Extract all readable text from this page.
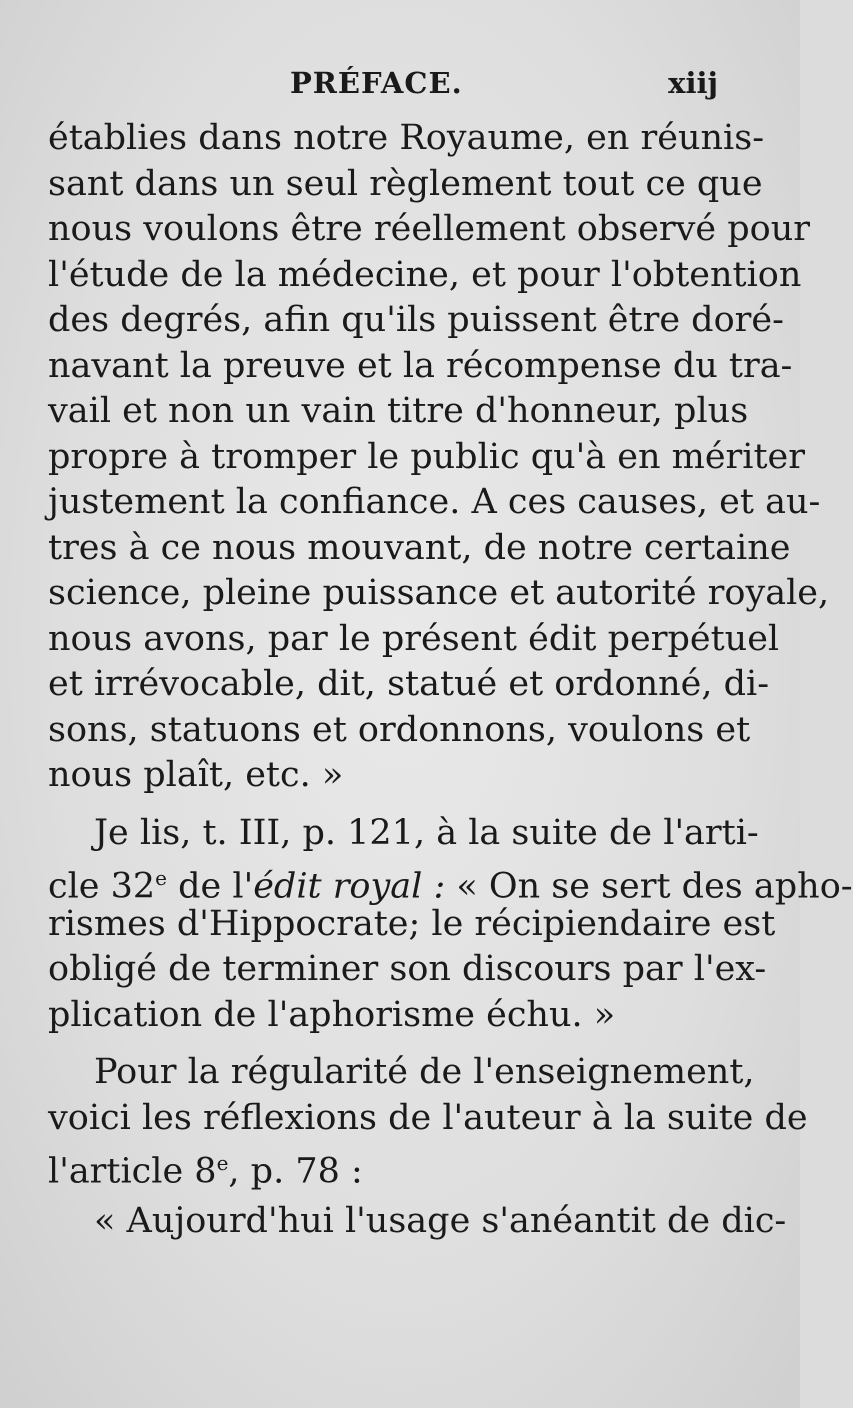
PRÉFACE.	xiij
établies dans notre Royaume, en réunis-
sant dans un seul règlement tout ce que
nous voulons être réellement observé pour
l'étude de la médecine, et pour l'obtention
des degrés, afin qu'ils puissent être doré-
navant la preuve et la récompense du tra-
vail et non un vain titre d'honneur, plus
propre à tromper le public qu'à en mériter
justement la confiance. A ces causes, et au-
tres à ce nous mouvant, de notre certaine
science, pleine puissance et autorité royale,
nous avons, par le présent édit perpétuel
et irrévocable, dit, statué et ordonné, di-
sons, statuons et ordonnons, voulons et
nous plaît, etc. »
Je lis, t. III, p. 121, à la suite de l'arti-
cle 32e de l'édit royal : « On se sert des apho-
rismes d'Hippocrate; le récipiendaire est
obligé de terminer son discours par l'ex-
plication de l'aphorisme échu. »
Pour la régularité de l'enseignement,
voici les réflexions de l'auteur à la suite de
l'article 8e, p. 78 :
« Aujourd'hui l'usage s'anéantit de dic-
